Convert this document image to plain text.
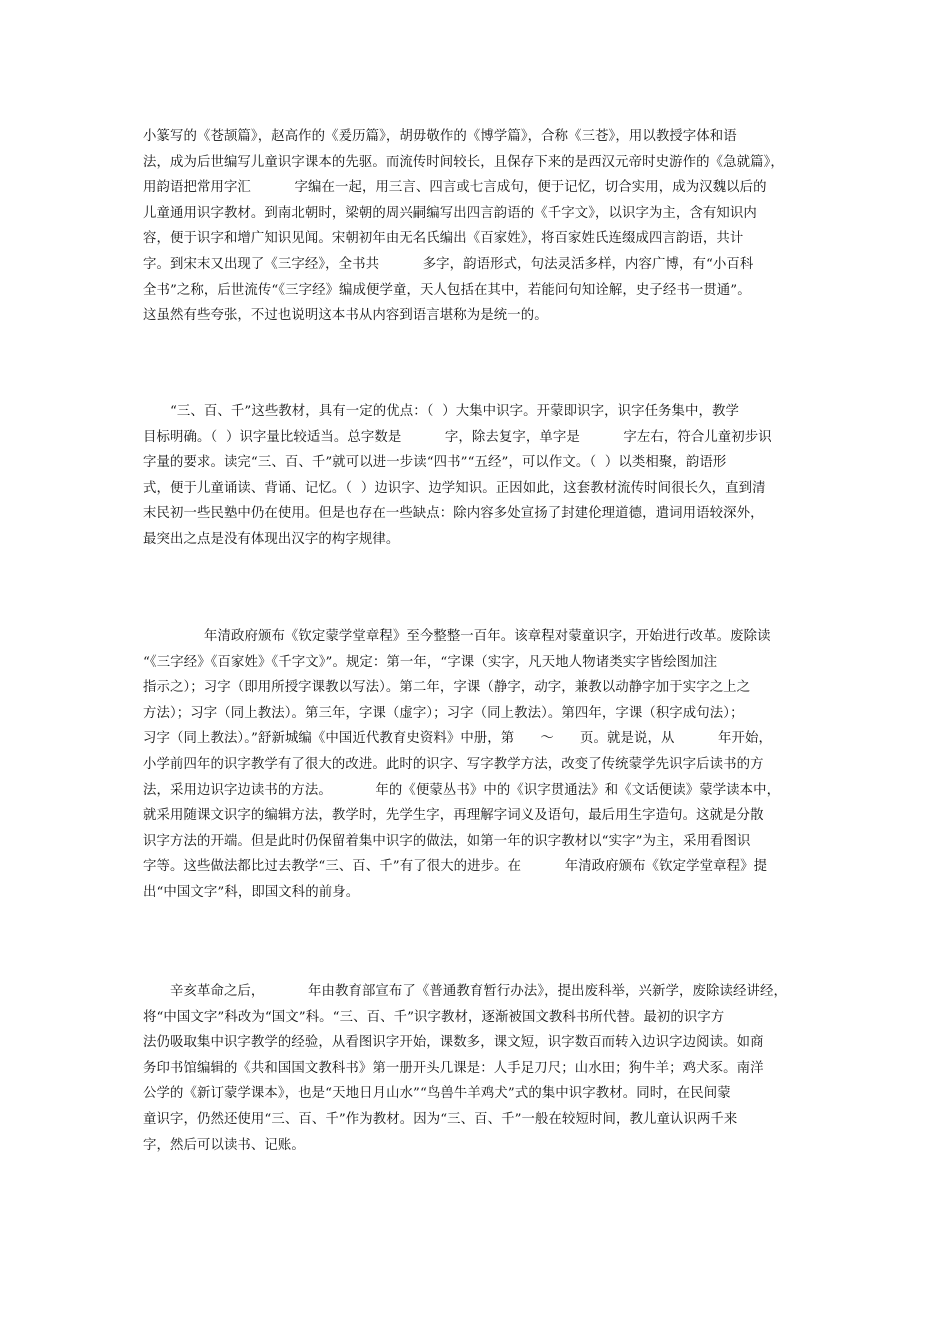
小篆写的《苍颉篇》，赵高作的《爰历篇》，胡毋敬作的《博学篇》，合称《三苍》，用以教授字体和语
法，成为后世编写儿童识字课本的先驱。而流传时间较长，且保存下来的是西汉元帝时史游作的《急就篇》，
用韵语把常用字汇          字编在一起，用三言、四言或七言成句，便于记忆，切合实用，成为汉魏以后的
儿童通用识字教材。到南北朝时，梁朝的周兴嗣编写出四言韵语的《千字文》，以识字为主，含有知识内
容，便于识字和增广知识见闻。宋朝初年由无名氏编出《百家姓》，将百家姓氏连缀成四言韵语，共计
字。到宋末又出现了《三字经》，全书共          多字，韵语形式，句法灵活多样，内容广博，有“小百科
全书”之称，后世流传“《三字经》编成便学童，天人包括在其中，若能问句知诠解，史子经书一贯通”。
这虽然有些夸张，不过也说明这本书从内容到语言堪称为是统一的。
　　“三、百、千”这些教材，具有一定的优点：（  ）大集中识字。开蒙即识字，识字任务集中，教学
目标明确。（  ）识字量比较适当。总字数是          字，除去复字，单字是          字左右，符合儿童初步识
字量的要求。读完“三、百、千”就可以进一步读“四书”“五经”，可以作文。（  ）以类相聚，韵语形
式，便于儿童诵读、背诵、记忆。（  ）边识字、边学知识。正因如此，这套教材流传时间很长久，直到清
末民初一些民塾中仍在使用。但是也存在一些缺点：除内容多处宣扬了封建伦理道德，遣词用语较深外，
最突出之点是没有体现出汉字的构字规律。
年清政府颁布《钦定蒙学堂章程》至今整整一百年。该章程对蒙童识字，开始进行改革。废除读
“《三字经》《百家姓》《千字文》”。规定：第一年，“字课（实字，凡天地人物诸类实字皆绘图加注
指示之）；习字（即用所授字课教以写法）。第二年，字课（静字，动字，兼教以动静字加于实字之上之
方法）；习字（同上教法）。第三年，字课（虚字）；习字（同上教法）。第四年，字课（积字成句法）；
习字（同上教法）。”舒新城编《中国近代教育史资料》中册，第      ～      页。就是说，从          年开始，
小学前四年的识字教学有了很大的改进。此时的识字、写字教学方法，改变了传统蒙学先识字后读书的方
法，采用边识字边读书的方法。          年的《便蒙丛书》中的《识字贯通法》和《文话便读》蒙学读本中，
就采用随课文识字的编辑方法，教学时，先学生字，再理解字词义及语句，最后用生字造句。这就是分散
识字方法的开端。但是此时仍保留着集中识字的做法，如第一年的识字教材以“实字”为主，采用看图识
字等。这些做法都比过去教学“三、百、千”有了很大的进步。在          年清政府颁布《钦定学堂章程》提
出“中国文字”科，即国文科的前身。
　　辛亥革命之后，          年由教育部宣布了《普通教育暂行办法》，提出废科举，兴新学，废除读经讲经，
将“中国文字”科改为“国文”科。“三、百、千”识字教材，逐渐被国文教科书所代替。最初的识字方
法仍吸取集中识字教学的经验，从看图识字开始，课数多，课文短，识字数百而转入边识字边阅读。如商
务印书馆编辑的《共和国国文教科书》第一册开头几课是：人手足刀尺；山水田；狗牛羊；鸡犬豕。南洋
公学的《新订蒙学课本》，也是“天地日月山水”“鸟兽牛羊鸡犬”式的集中识字教材。同时，在民间蒙
童识字，仍然还使用“三、百、千”作为教材。因为“三、百、千”一般在较短时间，教儿童认识两千来
字，然后可以读书、记账。
